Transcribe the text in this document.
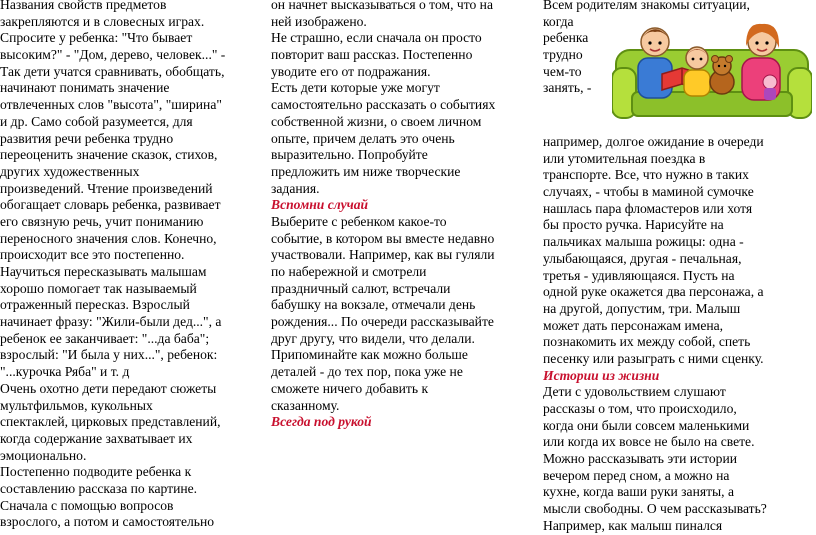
Названия свойств предметов
закрепляются и в словесных играх.
Спросите у ребенка: "Что бывает
высоким?" - "Дом, дерево, человек..." -
Так дети учатся сравнивать, обобщать,
начинают понимать значение
отвлеченных слов "высота", "ширина"
и др. Само собой разумеется, для
развития речи ребенка трудно
переоценить значение сказок, стихов,
других художественных
произведений. Чтение произведений
обогащает словарь ребенка, развивает
его связную речь, учит пониманию
переносного значения слов. Конечно,
происходит все это постепенно.
Научиться пересказывать малышам
хорошо помогает так называемый
отраженный пересказ. Взрослый
начинает фразу: "Жили-были дед...", а
ребенок ее заканчивает: "...да баба";
взрослый: "И была у них...", ребенок:
"...курочка Ряба" и т. д
Очень охотно дети передают сюжеты
мультфильмов, кукольных
спектаклей, цирковых представлений,
когда содержание захватывает их
эмоционально.
Постепенно подводите ребенка к
составлению рассказа по картине.
Сначала с помощью вопросов
взрослого, а потом и самостоятельно
он начнет высказываться о том, что на
ней изображено.
Не страшно, если сначала он просто
повторит ваш рассказ. Постепенно
уводите его от подражания.
Есть дети которые уже могут
самостоятельно рассказать о событиях
собственной жизни, о своем личном
опыте, причем делать это очень
выразительно. Попробуйте
предложить им ниже творческие
задания.
Вспомни случай
Выберите с ребенком какое-то
событие, в котором вы вместе недавно
участвовали. Например, как вы гуляли
по набережной и смотрели
праздничный салют, встречали
бабушку на вокзале, отмечали день
рождения... По очереди рассказывайте
друг другу, что видели, что делали.
Припоминайте как можно больше
деталей - до тех пор, пока уже не
сможете ничего добавить к
сказанному.
Всегда под рукой
Всем родителям знакомы ситуации,
когда
ребенка
трудно
чем-то
занять, -
например, долгое ожидание в очереди
или утомительная поездка в
транспорте. Все, что нужно в таких
случаях, - чтобы в маминой сумочке
нашлась пара фломастеров или хотя
бы просто ручка. Нарисуйте на
пальчиках малыша рожицы: одна -
улыбающаяся, другая - печальная,
третья - удивляющаяся. Пусть на
одной руке окажется два персонажа, а
на другой, допустим, три. Малыш
может дать персонажам имена,
познакомить их между собой, спеть
песенку или разыграть с ними сценку.
Истории из жизни
Дети с удовольствием слушают
рассказы о том, что происходило,
когда они были совсем маленькими
или когда их вовсе не было на свете.
Можно рассказывать эти истории
вечером перед сном, а можно на
кухне, когда ваши руки заняты, а
мысли свободны. О чем рассказывать?
Например, как малыш пинался
